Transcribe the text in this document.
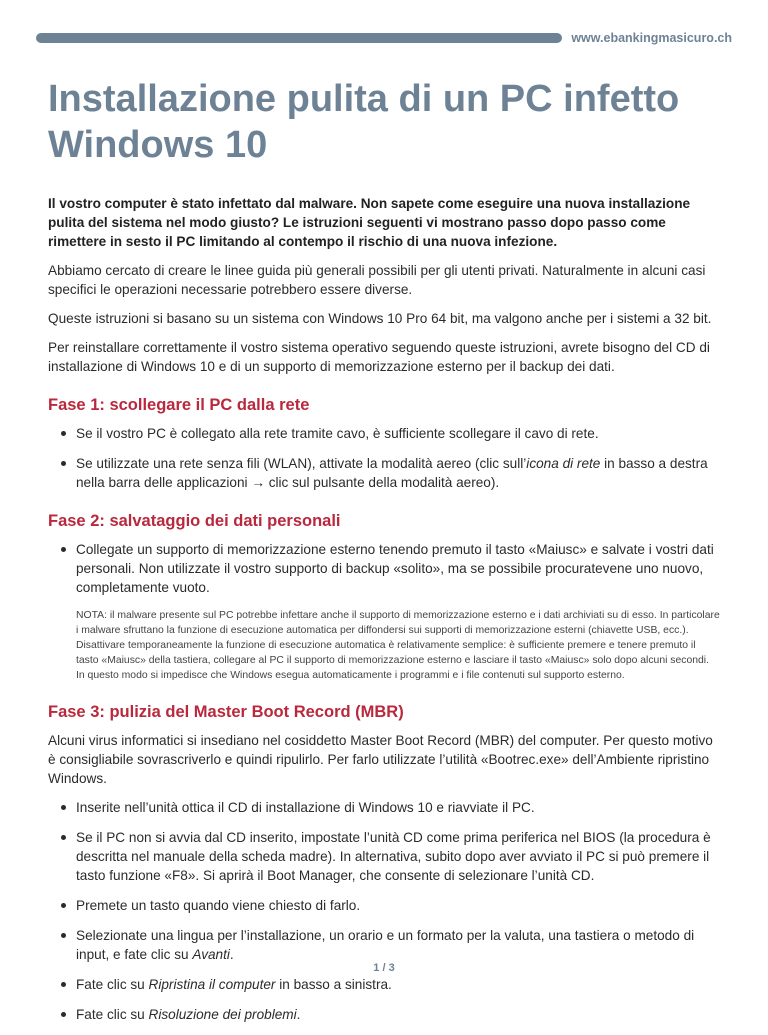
www.ebankingmasicuro.ch
Installazione pulita di un PC infetto
Windows 10

Il vostro computer è stato infettato dal malware. Non sapete come eseguire una nuova installazione pulita del sistema nel modo giusto? Le istruzioni seguenti vi mostrano passo dopo passo come rimettere in sesto il PC limitando al contempo il rischio di una nuova infezione.

Abbiamo cercato di creare le linee guida più generali possibili per gli utenti privati. Naturalmente in alcuni casi specifici le operazioni necessarie potrebbero essere diverse.

Queste istruzioni si basano su un sistema con Windows 10 Pro 64 bit, ma valgono anche per i sistemi a 32 bit.

Per reinstallare correttamente il vostro sistema operativo seguendo queste istruzioni, avrete bisogno del CD di installazione di Windows 10 e di un supporto di memorizzazione esterno per il backup dei dati.

Fase 1: scollegare il PC dalla rete
Se il vostro PC è collegato alla rete tramite cavo, è sufficiente scollegare il cavo di rete.
Se utilizzate una rete senza fili (WLAN), attivate la modalità aereo (clic sull’icona di rete in basso a destra nella barra delle applicazioni → clic sul pulsante della modalità aereo).
Fase 2: salvataggio dei dati personali
Collegate un supporto di memorizzazione esterno tenendo premuto il tasto «Maiusc» e salvate i vostri dati personali. Non utilizzate il vostro supporto di backup «solito», ma se possibile procuratevene uno nuovo, completamente vuoto.

NOTA: il malware presente sul PC potrebbe infettare anche il supporto di memorizzazione esterno e i dati archiviati su di esso. In particolare i malware sfruttano la funzione di esecuzione automatica per diffondersi sui supporti di memorizzazione esterni (chiavette USB, ecc.). Disattivare temporaneamente la funzione di esecuzione automatica è relativamente semplice: è sufficiente premere e tenere premuto il tasto «Maiusc» della tastiera, collegare al PC il supporto di memorizzazione esterno e lasciare il tasto «Maiusc» solo dopo alcuni secondi. In questo modo si impedisce che Windows esegua automaticamente i programmi e i file contenuti sul supporto esterno.

Fase 3: pulizia del Master Boot Record (MBR)

Alcuni virus informatici si insediano nel cosiddetto Master Boot Record (MBR) del computer. Per questo motivo è consigliabile sovrascriverlo e quindi ripulirlo. Per farlo utilizzate l’utilità «Bootrec.exe» dell’Ambiente ripristino Windows.

Inserite nell’unità ottica il CD di installazione di Windows 10 e riavviate il PC.
Se il PC non si avvia dal CD inserito, impostate l’unità CD come prima periferica nel BIOS (la procedura è descritta nel manuale della scheda madre). In alternativa, subito dopo aver avviato il PC si può premere il tasto funzione «F8». Si aprirà il Boot Manager, che consente di selezionare l’unità CD.
Premete un tasto quando viene chiesto di farlo.
Selezionate una lingua per l’installazione, un orario e un formato per la valuta, una tastiera o metodo di input, e fate clic su Avanti.
Fate clic su Ripristina il computer in basso a sinistra.
Fate clic su Risoluzione dei problemi.
1 / 3
